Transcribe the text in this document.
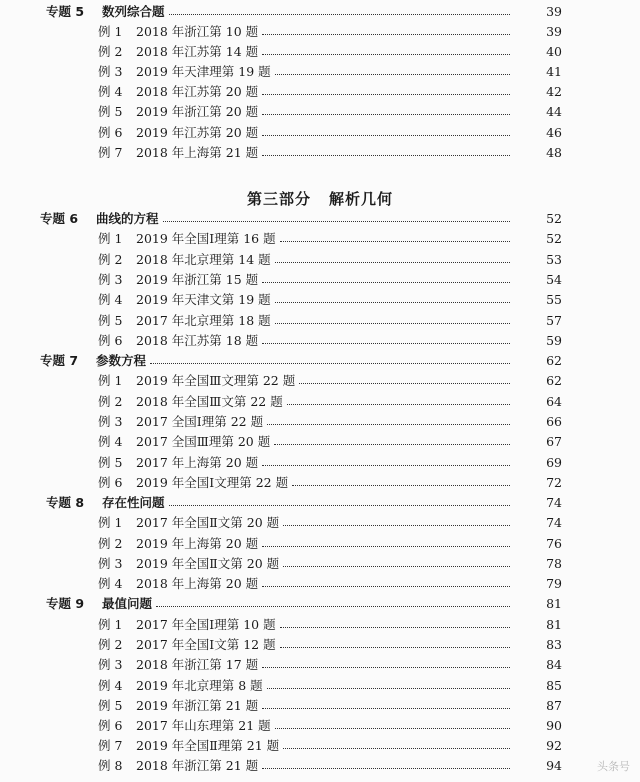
专题 5	数列综合题	39
例 1	2018 年浙江第 10 题	39
例 2	2018 年江苏第 14 题	40
例 3	2019 年天津理第 19 题	41
例 4	2018 年江苏第 20 题	42
例 5	2019 年浙江第 20 题	44
例 6	2019 年江苏第 20 题	46
例 7	2018 年上海第 21 题	48
第三部分 解析几何
专题 6	曲线的方程	52
例 1	2019 年全国Ⅰ理第 16 题	52
例 2	2018 年北京理第 14 题	53
例 3	2019 年浙江第 15 题	54
例 4	2019 年天津文第 19 题	55
例 5	2017 年北京理第 18 题	57
例 6	2018 年江苏第 18 题	59
专题 7	参数方程	62
例 1	2019 年全国Ⅲ文理第 22 题	62
例 2	2018 年全国Ⅲ文第 22 题	64
例 3	2017 全国Ⅰ理第 22 题	66
例 4	2017 全国Ⅲ理第 20 题	67
例 5	2017 年上海第 20 题	69
例 6	2019 年全国Ⅰ文理第 22 题	72
专题 8	存在性问题	74
例 1	2017 年全国Ⅱ文第 20 题	74
例 2	2019 年上海第 20 题	76
例 3	2019 年全国Ⅱ文第 20 题	78
例 4	2018 年上海第 20 题	79
专题 9	最值问题	81
例 1	2017 年全国Ⅰ理第 10 题	81
例 2	2017 年全国Ⅰ文第 12 题	83
例 3	2018 年浙江第 17 题	84
例 4	2019 年北京理第 8 题	85
例 5	2019 年浙江第 21 题	87
例 6	2017 年山东理第 21 题	90
例 7	2019 年全国Ⅱ理第 21 题	92
例 8	2018 年浙江第 21 题	94	头条号
